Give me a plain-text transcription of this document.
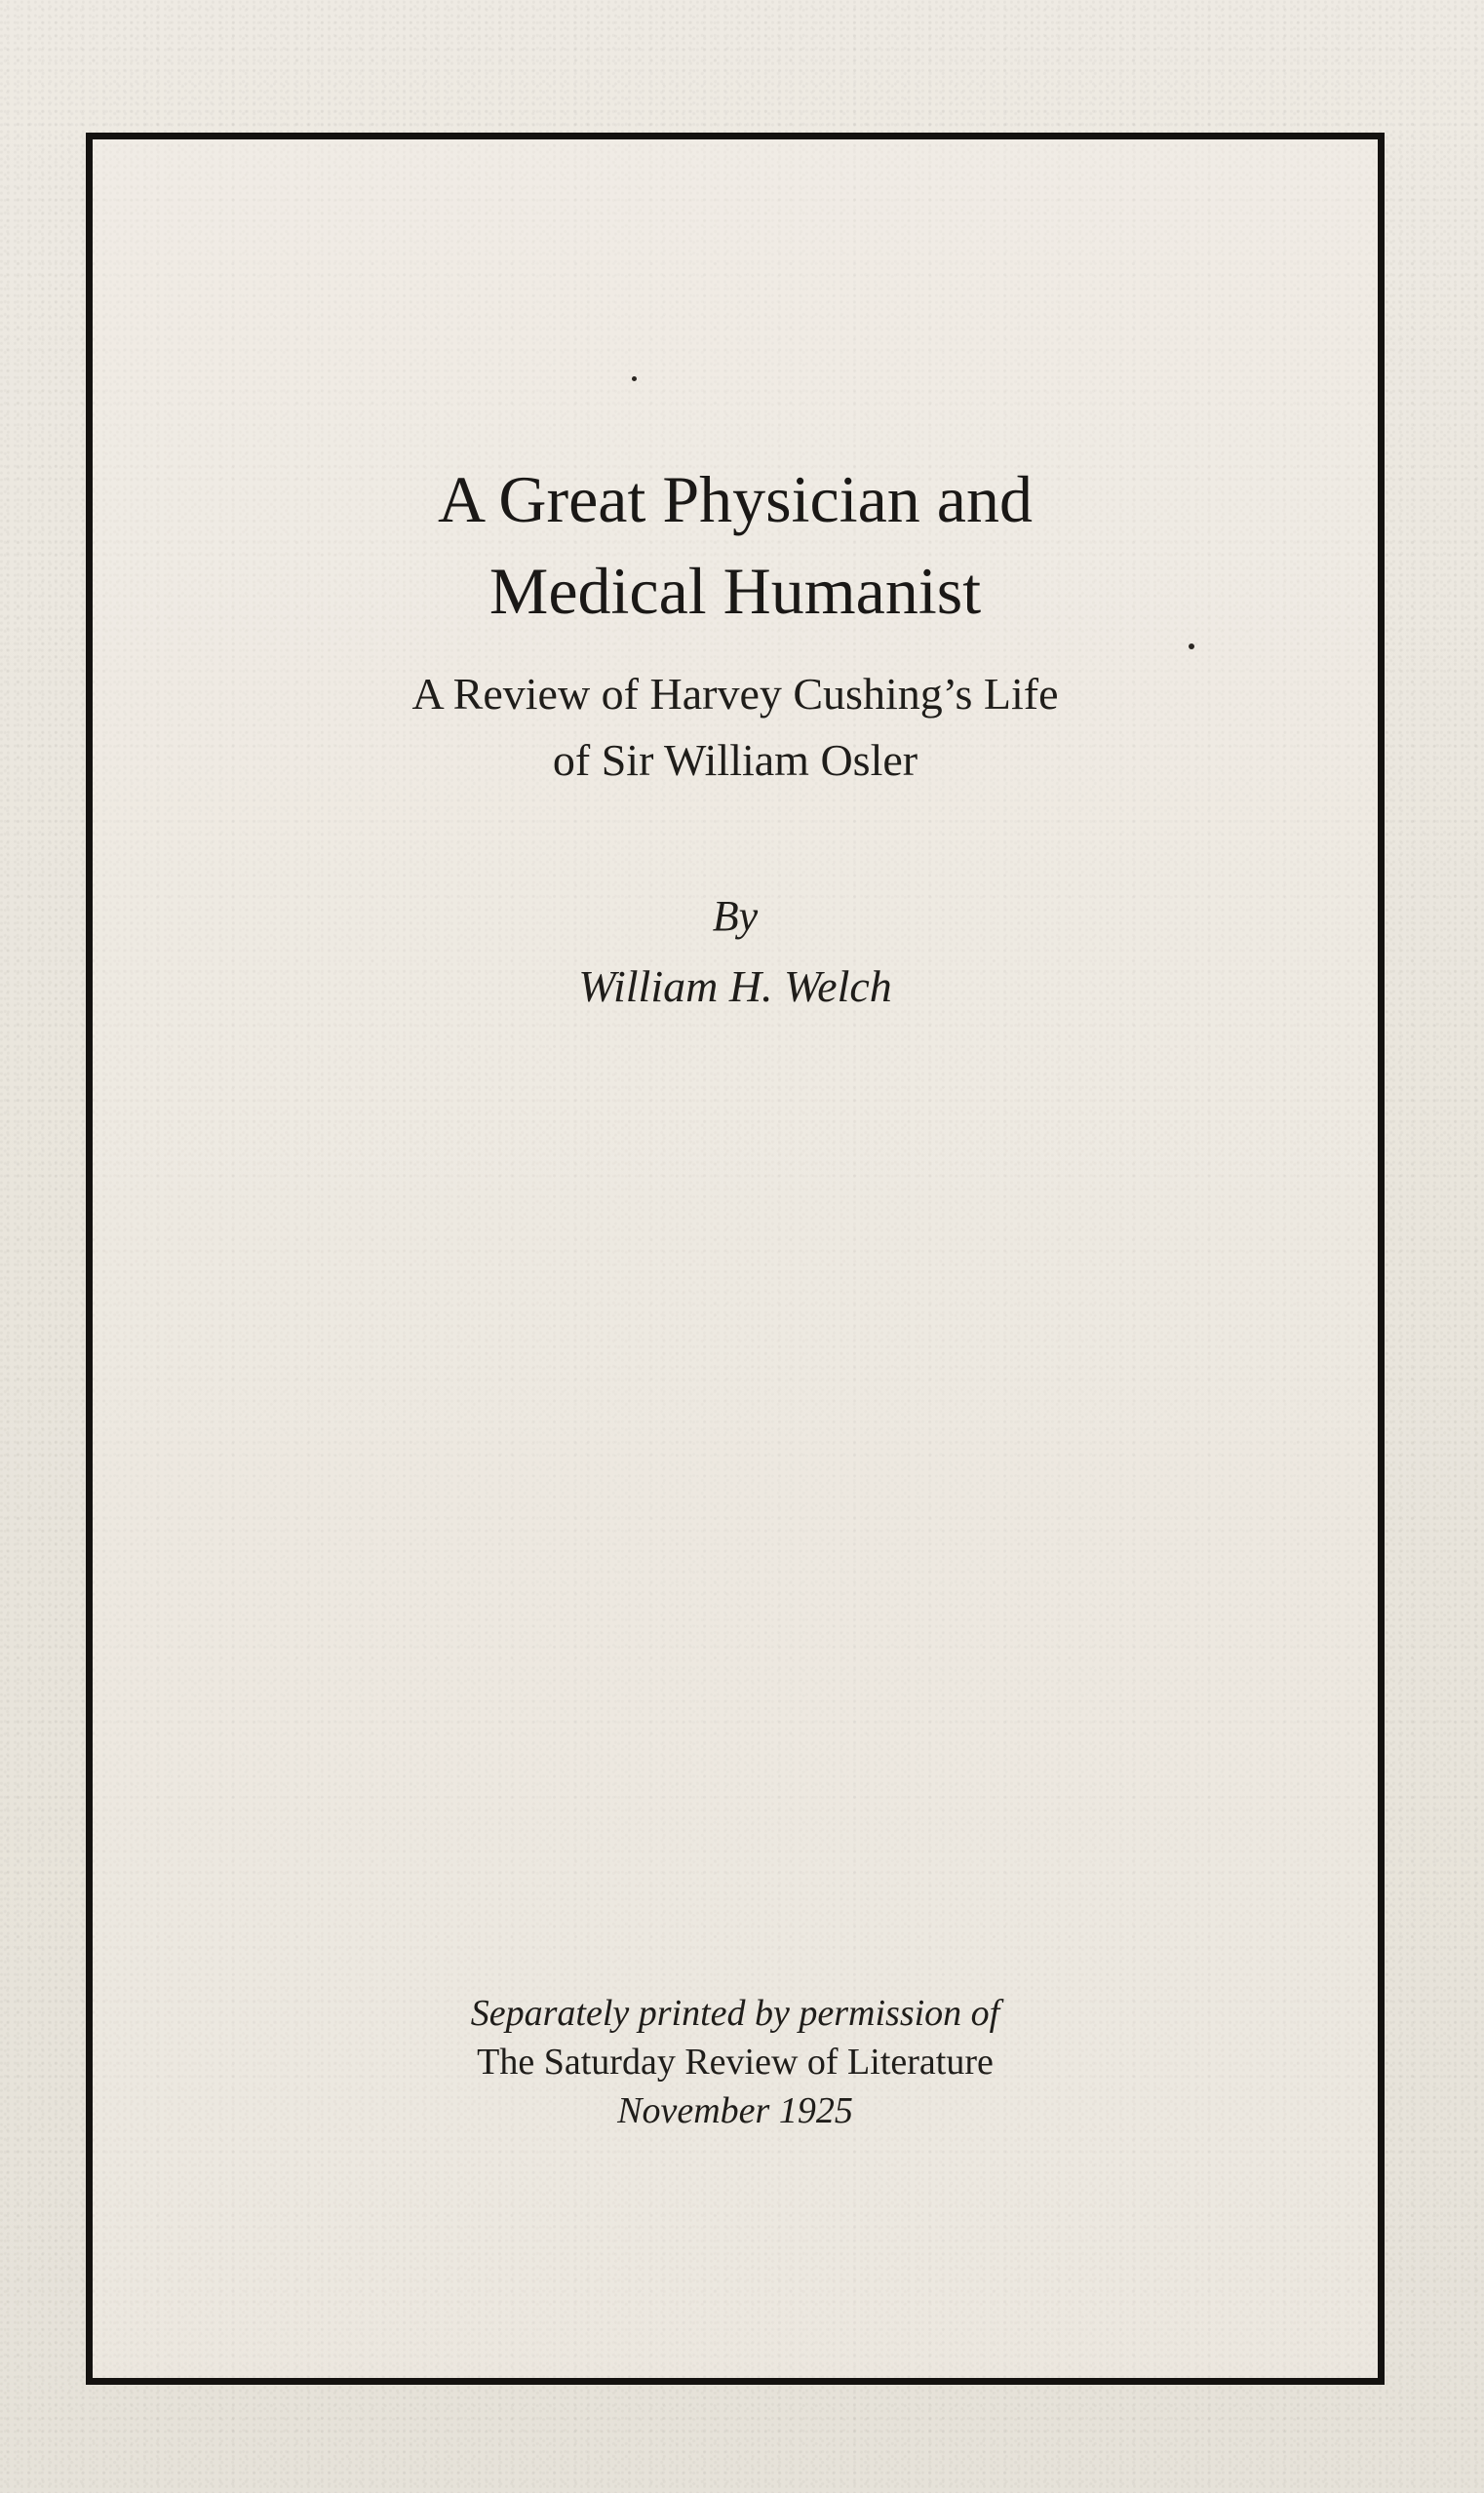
A Great Physician and
Medical Humanist
A Review of Harvey Cushing’s Life
of Sir William Osler
By
William H. Welch
Separately printed by permission of
The Saturday Review of Literature
November 1925
